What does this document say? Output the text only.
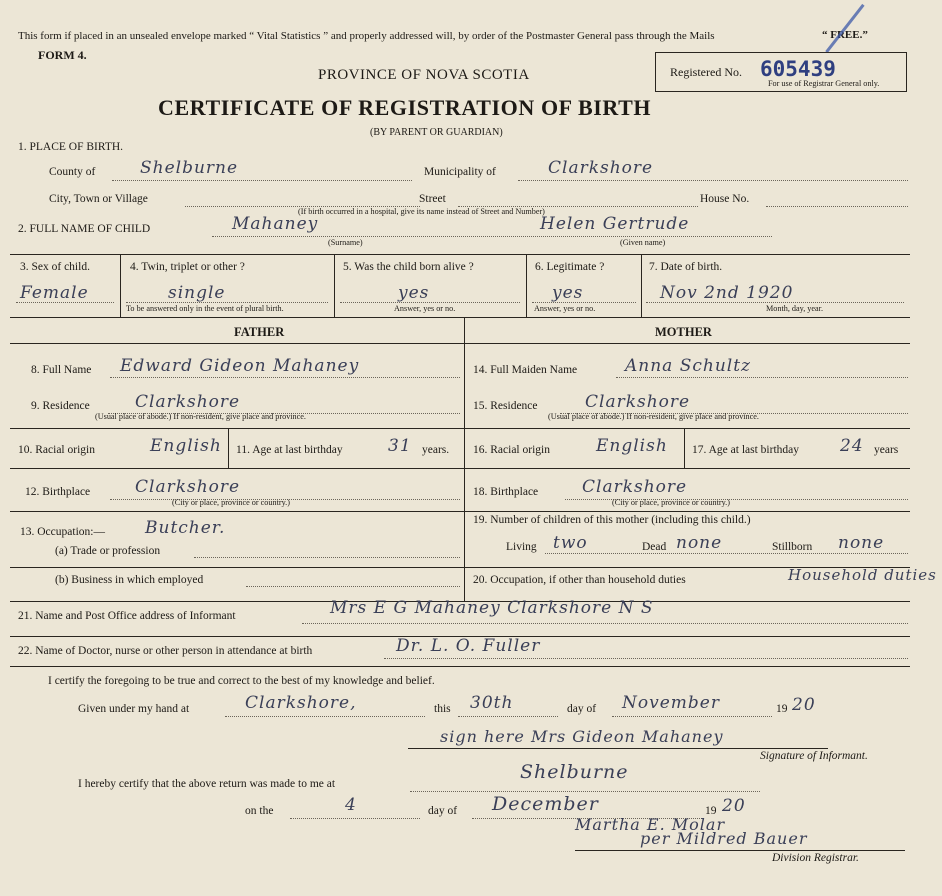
This form if placed in an unsealed envelope marked “ Vital Statistics ” and properly addressed will, by order of the Postmaster General pass through the Mails	“ FREE.”
FORM 4.
PROVINCE OF NOVA SCOTIA
CERTIFICATE OF REGISTRATION OF BIRTH
(BY PARENT OR GUARDIAN)
Registered No. 605439
For use of Registrar General only.
1. PLACE OF BIRTH.
County of	Shelburne	Municipality of	Clarkshore
City, Town or Village	Street	House No.
(If birth occurred in a hospital, give its name instead of Street and Number)
2. FULL NAME OF CHILD	Mahaney	Helen Gertrude
(Surname)	(Given name)
3. Sex of child.
Female
4. Twin, triplet or other ?
single
To be answered only in the event of plural birth.
5. Was the child born alive ?
yes
Answer, yes or no.
6. Legitimate ?
yes
Answer, yes or no.
7. Date of birth.
Nov 2nd 1920
Month, day, year.
FATHER	MOTHER
8. Full Name Edward Gideon Mahaney
9. Residence	Clarkshore
(Usual place of abode.) If non-resident, give place and province.
10. Racial origin	English 11. Age at last birthday	31 years.
12. Birthplace	Clarkshore
(City or place, province or country.)
13. Occupation:— Butcher.
(a) Trade or profession
(b) Business in which employed
14. Full Maiden Name	Anna Schultz
15. Residence	Clarkshore
(Usual place of abode.) If non-resident, give place and province.
16. Racial origin	English 17. Age at last birthday 24 years
18. Birthplace	Clarkshore
(City or place, province or country.)
19. Number of children of this mother (including this child.)
Living two	Dead none	Stillborn none
20. Occupation, if other than household duties	Household duties
21. Name and Post Office address of Informant	Mrs E G Mahaney Clarkshore N S
22. Name of Doctor, nurse or other person in attendance at birth	Dr. L. O. Fuller
I certify the foregoing to be true and correct to the best of my knowledge and belief.
Given under my hand at	Clarkshore,	this 30th	day of November	19 20
sign here Mrs Gideon Mahaney
Signature of Informant.
I hereby certify that the above return was made to me at
Shelburne
on the	4	day of December	19 20
Martha E. Molar
per Mildred Bauer
Division Registrar.
